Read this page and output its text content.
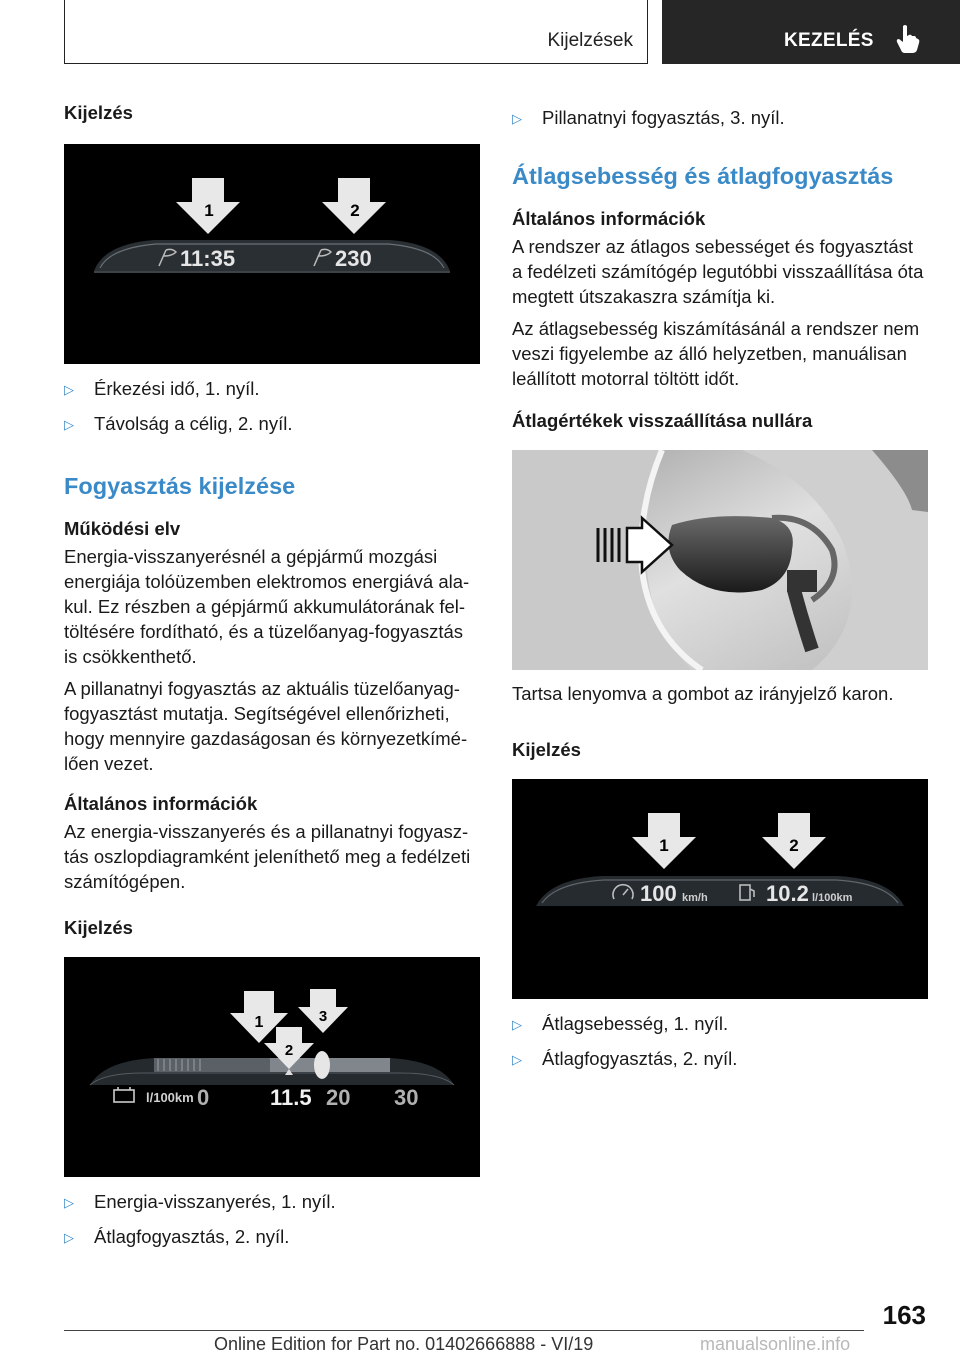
Kijelzések	KEZELÉS
Kijelzés
1	2
11:35	230
▷	Érkezési idő, 1. nyíl.
▷	Távolság a célig, 2. nyíl.
Fogyasztás kijelzése
Működési elv

Energia-visszanyerésnél a gépjármű mozgási energiája tolóüzemben elektromos energiává alakul. Ez részben a gépjármű akkumulátorának feltöltésére fordítható, és a tüzelőanyag-fogyasztás is csökkenthető.

A pillanatnyi fogyasztás az aktuális tüzelőanyagfogyasztást mutatja. Segítségével ellenőrizheti, hogy mennyire gazdaságosan és környezetkímélően vezet.

Általános információk

Az energia-visszanyerés és a pillanatnyi fogyasztás oszlopdiagramként jeleníthető meg a fedélzeti számítógépen.

Kijelzés
1
2
3
l/100km 0	11.5 20 30
▷	Energia-visszanyerés, 1. nyíl.
▷	Átlagfogyasztás, 2. nyíl.
▷	Pillanatnyi fogyasztás, 3. nyíl.
Átlagsebesség és átlagfogyasztás
Általános információk

A rendszer az átlagos sebességet és fogyasztást a fedélzeti számítógép legutóbbi visszaállítása óta megtett útszakaszra számítja ki.

Az átlagsebesség kiszámításánál a rendszer nem veszi figyelembe az álló helyzetben, manuálisan leállított motorral töltött időt.

Átlagértékek visszaállítása nullára

Tartsa lenyomva a gombot az irányjelző karon.

Kijelzés
1	2
100 km/h	10.2 l/100km
▷	Átlagsebesség, 1. nyíl.
▷	Átlagfogyasztás, 2. nyíl.
163
Online Edition for Part no. 01402666888 - VI/19	manualsonline.info
